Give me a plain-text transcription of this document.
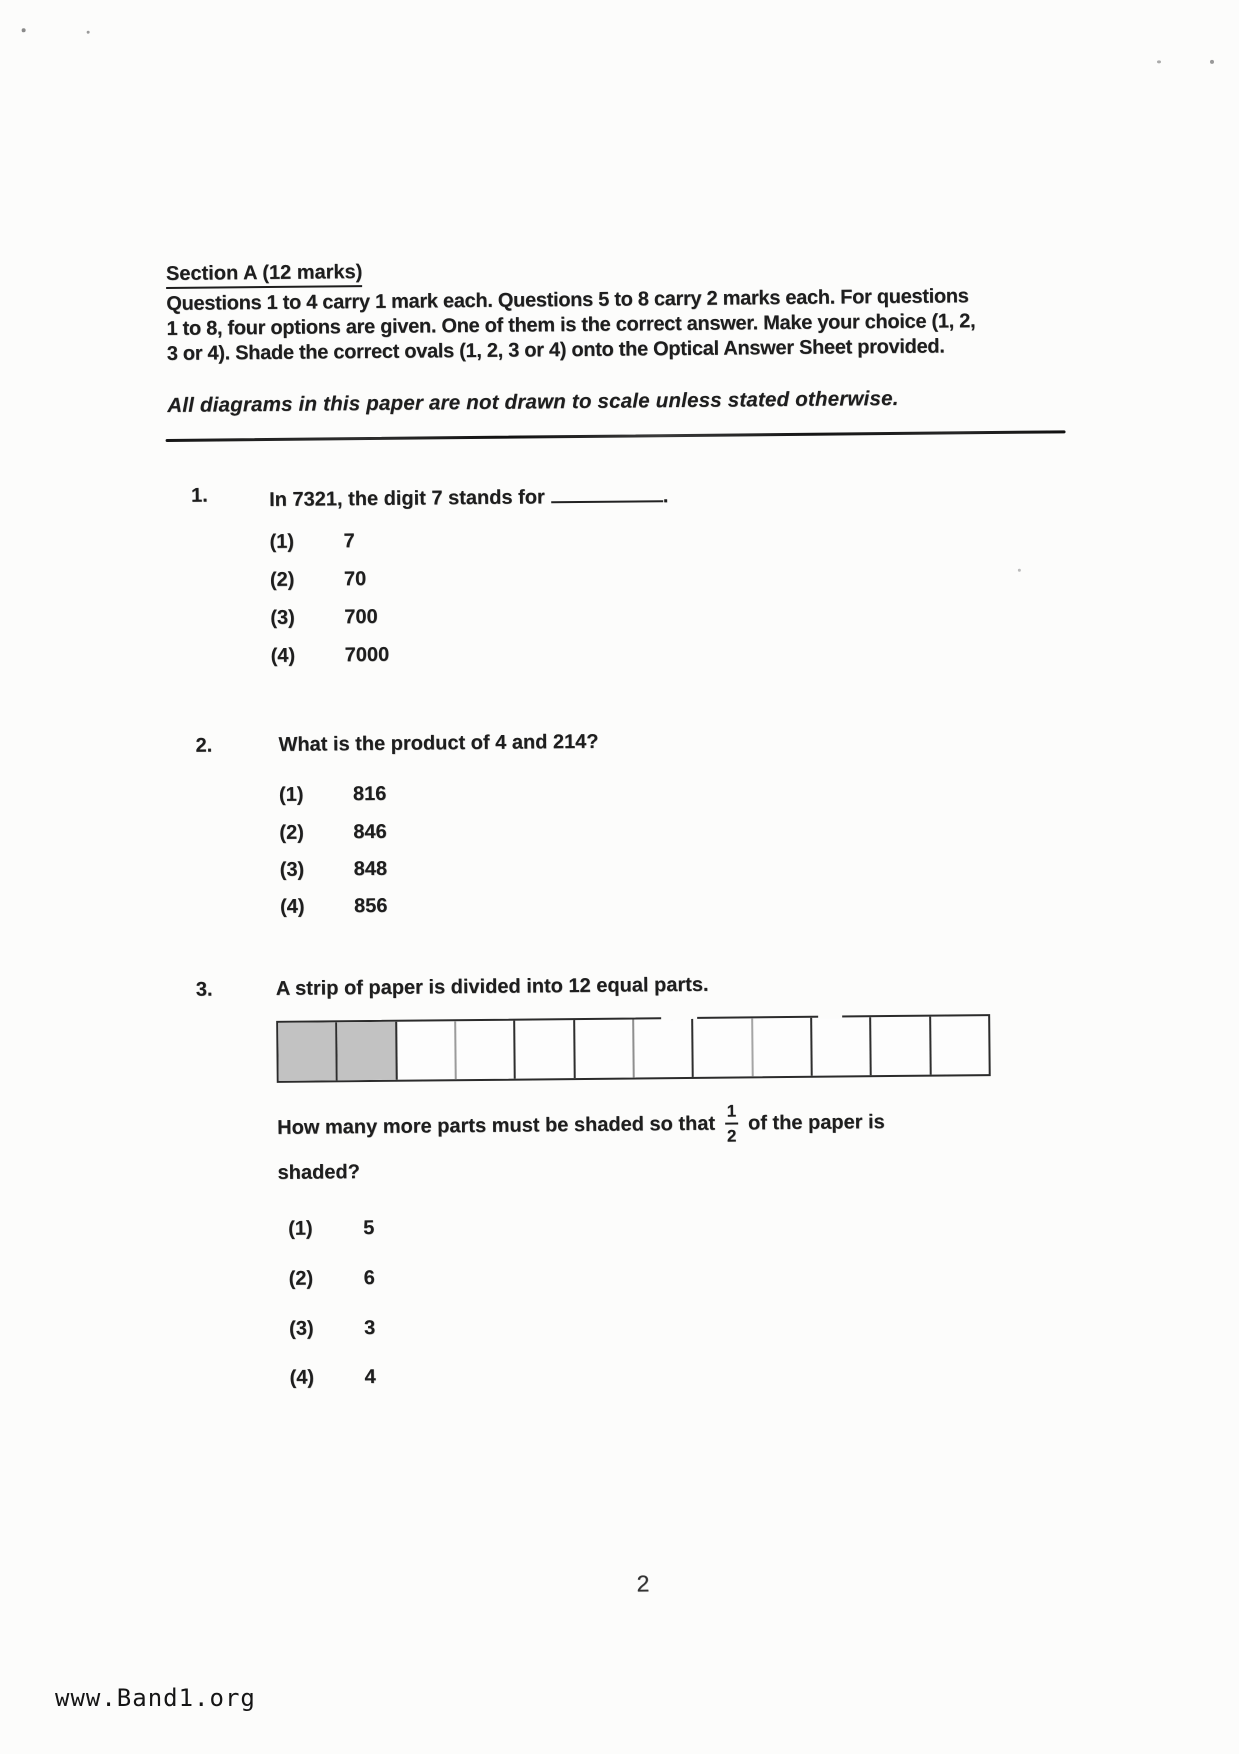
Section A (12 marks)
Questions 1 to 4 carry 1 mark each. Questions 5 to 8 carry 2 marks each. For questions
1 to 8, four options are given. One of them is the correct answer. Make your choice (1, 2,
3 or 4). Shade the correct ovals (1, 2, 3 or 4) onto the Optical Answer Sheet provided.
All diagrams in this paper are not drawn to scale unless stated otherwise.
1.	In 7321, the digit 7 stands for	.
(1) 7
(2) 70
(3) 700
(4) 7000
2.	What is the product of 4 and 214?
(1) 816
(2) 846
(3) 848
(4) 856
3.	A strip of paper is divided into 12 equal parts.
How many more parts must be shaded so that $\frac{1}{2}$ of the paper is
shaded?
(1)	5
(2)	6
(3)	3
(4)	4
2
www.Band1.org
